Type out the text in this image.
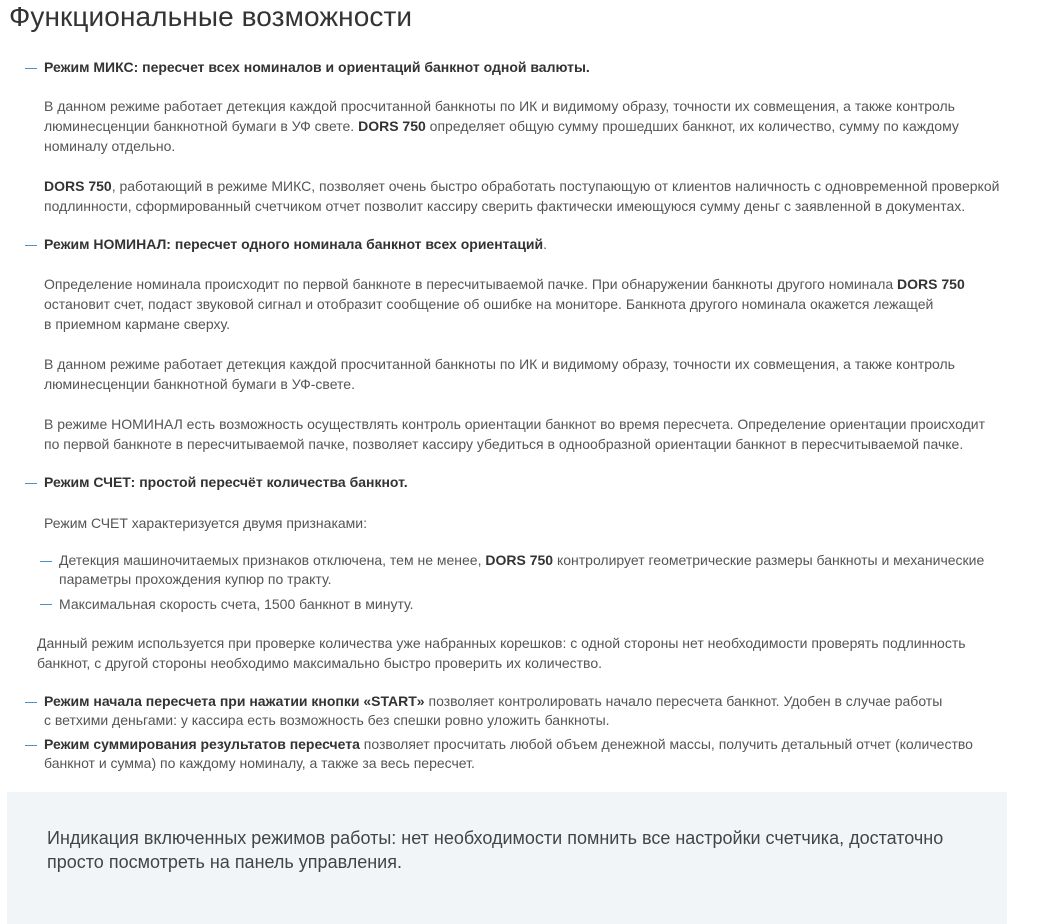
Функциональные возможности
Режим МИКС: пересчет всех номиналов и ориентаций банкнот одной валюты.
В данном режиме работает детекция каждой просчитанной банкноты по ИК и видимому образу, точности их совмещения, а также контроль
люминесценции банкнотной бумаги в УФ свете. DORS 750 определяет общую сумму прошедших банкнот, их количество, сумму по каждому
номиналу отдельно.
DORS 750, работающий в режиме МИКС, позволяет очень быстро обработать поступающую от клиентов наличность с одновременной проверкой
подлинности, сформированный счетчиком отчет позволит кассиру сверить фактически имеющуюся сумму деньг с заявленной в документах.
Режим НОМИНАЛ: пересчет одного номинала банкнот всех ориентаций.
Определение номинала происходит по первой банкноте в пересчитываемой пачке. При обнаружении банкноты другого номинала DORS 750
остановит счет, подаст звуковой сигнал и отобразит сообщение об ошибке на мониторе. Банкнота другого номинала окажется лежащей
в приемном кармане сверху.
В данном режиме работает детекция каждой просчитанной банкноты по ИК и видимому образу, точности их совмещения, а также контроль
люминесценции банкнотной бумаги в УФ-свете.
В режиме НОМИНАЛ есть возможность осуществлять контроль ориентации банкнот во время пересчета. Определение ориентации происходит
по первой банкноте в пересчитываемой пачке, позволяет кассиру убедиться в однообразной ориентации банкнот в пересчитываемой пачке.
Режим СЧЕТ: простой пересчёт количества банкнот.
Режим СЧЕТ характеризуется двумя признаками:
Детекция машиночитаемых признаков отключена, тем не менее, DORS 750 контролирует геометрические размеры банкноты и механические
параметры прохождения купюр по тракту.
Максимальная скорость счета, 1500 банкнот в минуту.
Данный режим используется при проверке количества уже набранных корешков: с одной стороны нет необходимости проверять подлинность
банкнот, с другой стороны необходимо максимально быстро проверить их количество.
Режим начала пересчета при нажатии кнопки «START» позволяет контролировать начало пересчета банкнот. Удобен в случае работы
с ветхими деньгами: у кассира есть возможность без спешки ровно уложить банкноты.
Режим суммирования результатов пересчета позволяет просчитать любой объем денежной массы, получить детальный отчет (количество
банкнот и сумма) по каждому номиналу, а также за весь пересчет.
Индикация включенных режимов работы: нет необходимости помнить все настройки счетчика, достаточно
просто посмотреть на панель управления.
